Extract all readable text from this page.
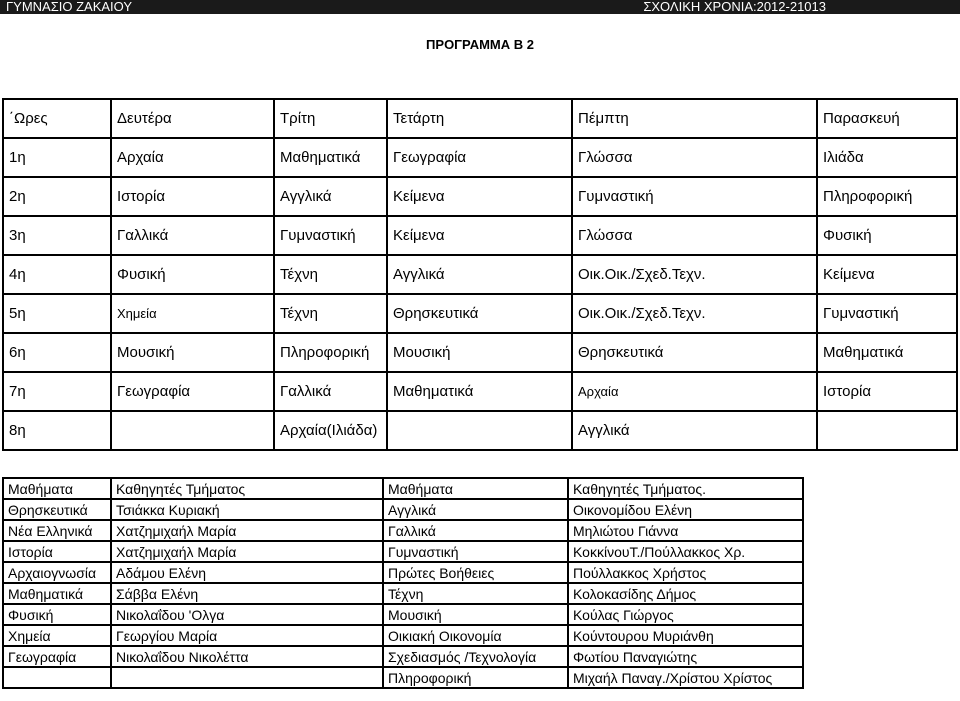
ΓΥΜΝΑΣΙΟ ΖΑΚΑΙΟΥ	ΣΧΟΛΙΚΗ ΧΡΟΝΙΑ:2012-21013
ΠΡΟΓΡΑΜΜΑ Β 2
΄Ωρες	Δευτέρα	Τρίτη	Τετάρτη	Πέμπτη	Παρασκευή
1η	Αρχαία	Μαθηματικά	Γεωγραφία	Γλώσσα	Ιλιάδα
2η	Ιστορία	Αγγλικά	Κείμενα	Γυμναστική	Πληροφορική
3η	Γαλλικά	Γυμναστική	Κείμενα	Γλώσσα	Φυσική
4η	Φυσική	Τέχνη	Αγγλικά	Οικ.Οικ./Σχεδ.Τεχν.	Κείμενα
5η	Χημεία	Τέχνη	Θρησκευτικά	Οικ.Οικ./Σχεδ.Τεχν.	Γυμναστική
6η	Μουσική	Πληροφορική	Μουσική	Θρησκευτικά	Μαθηματικά
7η	Γεωγραφία	Γαλλικά	Μαθηματικά	Αρχαία	Ιστορία
8η		Αρχαία(Ιλιάδα)		Αγγλικά	
Μαθήματα	Καθηγητές Τμήματος	Μαθήματα	Καθηγητές Τμήματος.
Θρησκευτικά	Τσιάκκα Κυριακή	Αγγλικά	Οικονομίδου Ελένη
Νέα Ελληνικά	Χατζημιχαήλ Μαρία	Γαλλικά	Μηλιώτου Γιάννα
Ιστορία	Χατζημιχαήλ Μαρία	Γυμναστική	ΚοκκίνουΤ./Πούλλακκος Χρ.
Αρχαιογνωσία	Αδάμου Ελένη	Πρώτες Βοήθειες	Πούλλακκος Χρήστος
Μαθηματικά	Σάββα Ελένη	Τέχνη	Κολοκασίδης Δήμος
Φυσική	Νικολαΐδου 'Ολγα	Μουσική	Κούλας Γιώργος
Χημεία	Γεωργίου Μαρία	Οικιακή Οικονομία	Κούντουρου Μυριάνθη
Γεωγραφία	Νικολαΐδου Νικολέττα	Σχεδιασμός /Τεχνολογία	Φωτίου Παναγιώτης
		Πληροφορική	Μιχαήλ Παναγ./Χρίστου Χρίστος
